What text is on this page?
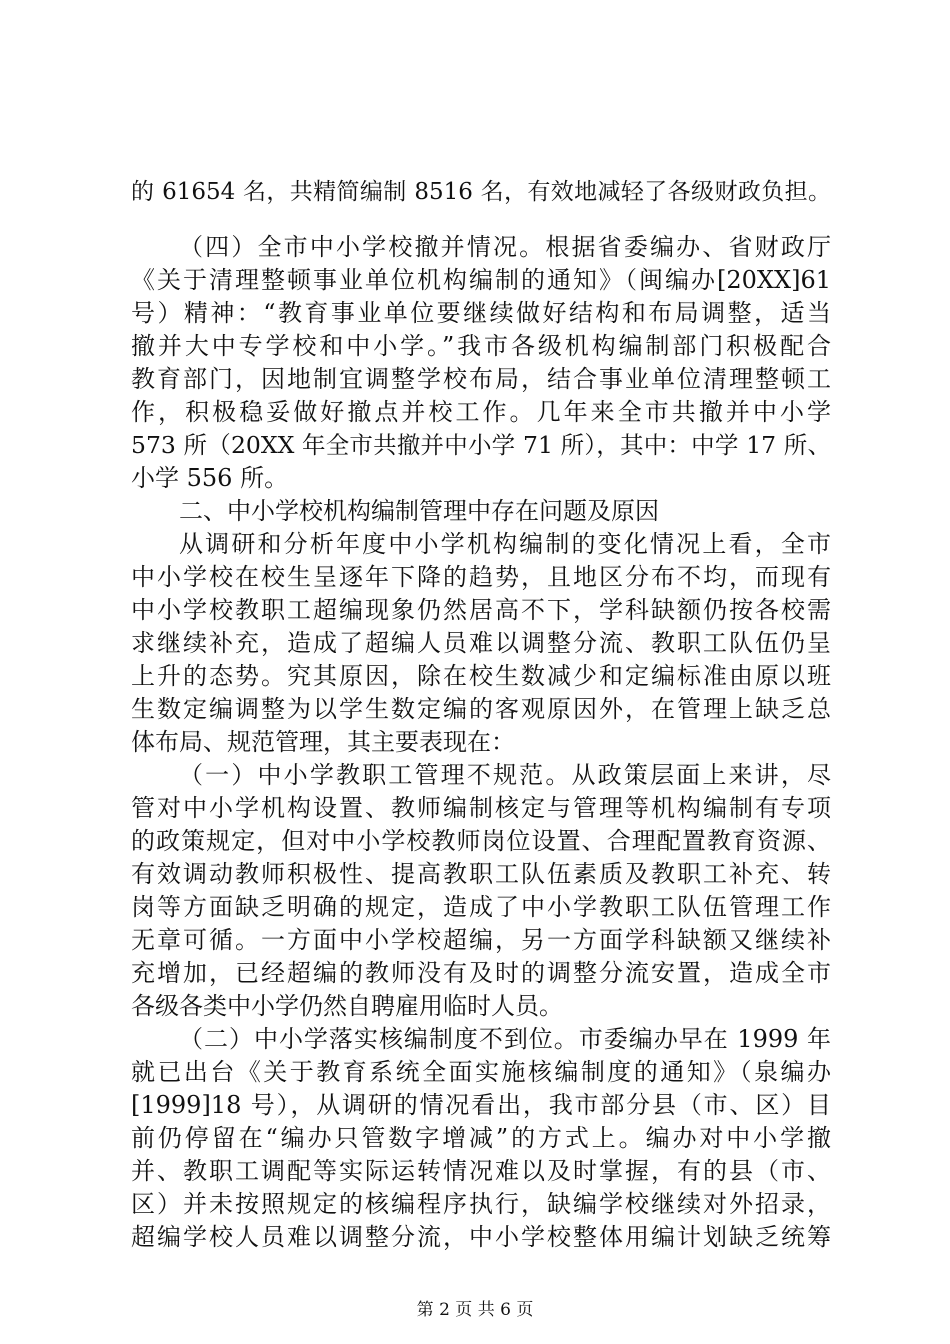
的 61654 名，共精简编制 8516 名，有效地减轻了各级财政负担。
（四）全市中小学校撤并情况。根据省委编办、省财政厅
《关于清理整顿事业单位机构编制的通知》（闽编办[20XX]61
号）精神：“教育事业单位要继续做好结构和布局调整，适当
撤并大中专学校和中小学。”我市各级机构编制部门积极配合
教育部门，因地制宜调整学校布局，结合事业单位清理整顿工
作，积极稳妥做好撤点并校工作。几年来全市共撤并中小学
573 所（20XX 年全市共撤并中小学 71 所），其中：中学 17 所、
小学 556 所。
二、中小学校机构编制管理中存在问题及原因
从调研和分析年度中小学机构编制的变化情况上看，全市
中小学校在校生呈逐年下降的趋势，且地区分布不均，而现有
中小学校教职工超编现象仍然居高不下，学科缺额仍按各校需
求继续补充，造成了超编人员难以调整分流、教职工队伍仍呈
上升的态势。究其原因，除在校生数减少和定编标准由原以班
生数定编调整为以学生数定编的客观原因外，在管理上缺乏总
体布局、规范管理，其主要表现在：
（一）中小学教职工管理不规范。从政策层面上来讲，尽
管对中小学机构设置、教师编制核定与管理等机构编制有专项
的政策规定，但对中小学校教师岗位设置、合理配置教育资源、
有效调动教师积极性、提高教职工队伍素质及教职工补充、转
岗等方面缺乏明确的规定，造成了中小学教职工队伍管理工作
无章可循。一方面中小学校超编，另一方面学科缺额又继续补
充增加，已经超编的教师没有及时的调整分流安置，造成全市
各级各类中小学仍然自聘雇用临时人员。
（二）中小学落实核编制度不到位。市委编办早在 1999 年
就已出台《关于教育系统全面实施核编制度的通知》（泉编办
[1999]18 号），从调研的情况看出，我市部分县（市、区）目
前仍停留在“编办只管数字增减”的方式上。编办对中小学撤
并、教职工调配等实际运转情况难以及时掌握，有的县（市、
区）并未按照规定的核编程序执行，缺编学校继续对外招录，
超编学校人员难以调整分流，中小学校整体用编计划缺乏统筹
第 2 页 共 6 页
